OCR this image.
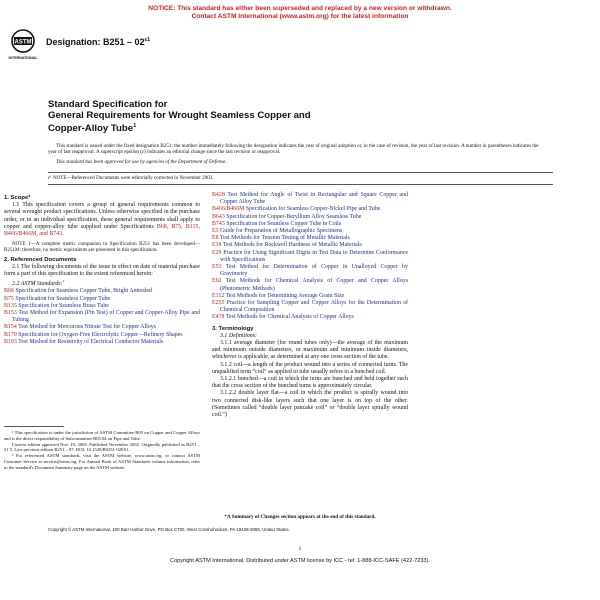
NOTICE: This standard has either been superseded and replaced by a new version or withdrawn.
Contact ASTM International (www.astm.org) for the latest information
ASTM
INTERNATIONAL
Designation: $B251 - 02^{\varepsilon 1}$
Standard Specification for
General Requirements for Wrought Seamless Copper and
Copper-Alloy Tube$^1$

This standard is issued under the fixed designation B251; the number immediately following the designation indicates the year of original adoption or, in the case of revision, the year of last revision. A number in parentheses indicates the year of last reapproval. A superscript epsilon (ε) indicates an editorial change since the last revision or reapproval.

This standard has been approved for use by agencies of the Department of Defense.

ε¹ NOTE—Referenced Documents were editorially corrected in November 2003.

1. Scope*

1.1 This specification covers a group of general requirements common to several wrought product specifications. Unless otherwise specified in the purchase order, or in an individual specification, these general requirements shall apply to copper and copper-alloy tube supplied under Specifications B68, B75, B135, B466/B466M, and B743.

NOTE 1—A complete metric companion to Specification B251 has been developed—B251M; therefore, no metric equivalents are presented in this specification.

2. Referenced Documents

2.1 The following documents of the issue in effect on date of material purchase form a part of this specification to the extent referenced herein:

2.2 ASTM Standards:$^2$

B68 Specification for Seamless Copper Tube, Bright Annealed

B75 Specification for Seamless Copper Tube

B135 Specification for Seamless Brass Tube

B153 Test Method for Expansion (Pin Test) of Copper and Copper-Alloy Pipe and Tubing

B154 Test Method for Mercurous Nitrate Test for Copper Alloys

B170 Specification for Oxygen-Free Electrolytic Copper—Refinery Shapes

B193 Test Method for Resistivity of Electrical Conductor Materials

¹ This specification is under the jurisdiction of ASTM Committee B05 on Copper and Copper Alloys and is the direct responsibility of Subcommittee B05.04 on Pipe and Tube.

Current edition approved Nov. 10, 2003. Published November 2002. Originally published as B251 – 51 T. Last previous edition B251 – 97. DOI: 10.1520/B0251-02E01.

² For referenced ASTM standards, visit the ASTM website, www.astm.org, or contact ASTM Customer Service at service@astm.org. For Annual Book of ASTM Standards volume information, refer to the standard's Document Summary page on the ASTM website.

B428 Test Method for Angle of Twist in Rectangular and Square Copper and Copper Alloy Tube

B466/B466M Specification for Seamless Copper-Nickel Pipe and Tube

B643 Specification for Copper-Beryllium Alloy Seamless Tube

B743 Specification for Seamless Copper Tube in Coils

E3 Guide for Preparation of Metallographic Specimens

E8 Test Methods for Tension Testing of Metallic Materials

E18 Test Methods for Rockwell Hardness of Metallic Materials

E29 Practice for Using Significant Digits in Test Data to Determine Conformance with Specifications

E53 Test Method for Determination of Copper in Unalloyed Copper by Gravimetry

E62 Test Methods for Chemical Analysis of Copper and Copper Alloys (Photometric Methods)

E112 Test Methods for Determining Average Grain Size

E255 Practice for Sampling Copper and Copper Alloys for the Determination of Chemical Composition

E478 Test Methods for Chemical Analysis of Copper Alloys

3. Terminology

3.1 Definitions:

3.1.1 average diameter (for round tubes only)—the average of the maximum and minimum outside diameters, or maximum and minimum inside diameters, whichever is applicable, as determined at any one cross section of the tube.

3.1.2 coil—a length of the product wound into a series of connected turns. The unqualified term “coil” as applied to tube usually refers to a bunched coil.

3.1.2.1 bunched—a coil in which the turns are bunched and held together such that the cross section of the bunched turns is approximately circular.

3.1.2.2 double layer flat—a coil in which the product is spirally wound into two connected disk-like layers such that one layer is on top of the other. (Sometimes called “double layer pancake coil” or “double layer spirally wound coil.”)

*A Summary of Changes section appears at the end of this standard.
Copyright © ASTM International, 100 Barr Harbor Drive, PO Box C700, West Conshohocken, PA 19428-2959, United States.
1
Copyright ASTM International. Distributed under ASTM license by ICC - tel: 1-888-ICC-SAFE (422-7233).
